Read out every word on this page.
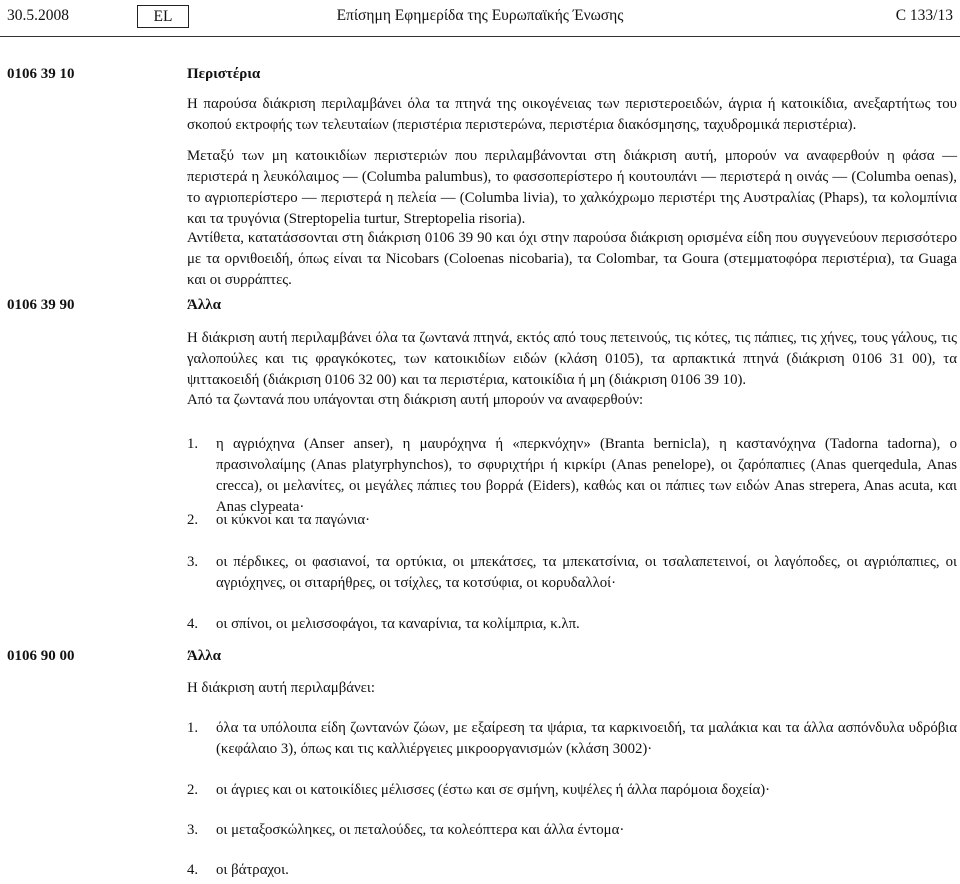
30.5.2008	EL	Επίσημη Εφημερίδα της Ευρωπαϊκής Ένωσης	C 133/13
0106 39 10	Περιστέρια

Η παρούσα διάκριση περιλαμβάνει όλα τα πτηνά της οικογένειας των περιστεροειδών, άγρια ή κατοικίδια, ανεξαρτήτως του σκοπού εκτροφής των τελευταίων (περιστέρια περιστερώνα, περιστέρια διακόσμησης, ταχυδρομικά περιστέρια).

Μεταξύ των μη κατοικιδίων περιστεριών που περιλαμβάνονται στη διάκριση αυτή, μπορούν να αναφερθούν η φάσα — περιστερά η λευκόλαιμος — (Columba palumbus), το φασσοπερίστερο ή κουτουπάνι — περιστερά η οινάς — (Columba oenas), το αγριοπερίστερο — περιστερά η πελεία — (Columba livia), το χαλκόχρωμο περιστέρι της Αυστραλίας (Phaps), τα κολομπίνια και τα τρυγόνια (Streptopelia turtur, Streptopelia risoria).

Αντίθετα, κατατάσσονται στη διάκριση 0106 39 90 και όχι στην παρούσα διάκριση ορισμένα είδη που συγγενεύουν περισσότερο με τα ορνιθοειδή, όπως είναι τα Nicobars (Coloenas nicobaria), τα Colombar, τα Goura (στεμματοφόρα περιστέρια), τα Guaga και οι συρράπτες.

0106 39 90	Άλλα

Η διάκριση αυτή περιλαμβάνει όλα τα ζωντανά πτηνά, εκτός από τους πετεινούς, τις κότες, τις πάπιες, τις χήνες, τους γάλους, τις γαλοπούλες και τις φραγκόκοτες, των κατοικιδίων ειδών (κλάση 0105), τα αρπακτικά πτηνά (διάκριση 0106 31 00), τα ψιττακοειδή (διάκριση 0106 32 00) και τα περιστέρια, κατοικίδια ή μη (διάκριση 0106 39 10).

Από τα ζωντανά που υπάγονται στη διάκριση αυτή μπορούν να αναφερθούν:

1. η αγριόχηνα (Anser anser), η μαυρόχηνα ή «περκνόχην» (Branta bernicla), η καστανόχηνα (Tadorna tadorna), ο πρασινολαίμης (Anas platyrphynchos), το σφυριχτήρι ή κιρκίρι (Anas penelope), οι ζαρόπαπιες (Anas querqedula, Anas crecca), οι μελανίτες, οι μεγάλες πάπιες του βορρά (Eiders), καθώς και οι πάπιες των ειδών Anas strepera, Anas acuta, και Anas clypeata·
2. οι κύκνοι και τα παγώνια·
3. οι πέρδικες, οι φασιανοί, τα ορτύκια, οι μπεκάτσες, τα μπεκατσίνια, οι τσαλαπετεινοί, οι λαγόποδες, οι αγριόπαπιες, οι αγριόχηνες, οι σιταρήθρες, οι τσίχλες, τα κοτσύφια, οι κορυδαλλοί·
4. οι σπίνοι, οι μελισσοφάγοι, τα καναρίνια, τα κολίμπρια, κ.λπ.
0106 90 00	Άλλα

Η διάκριση αυτή περιλαμβάνει:

1. όλα τα υπόλοιπα είδη ζωντανών ζώων, με εξαίρεση τα ψάρια, τα καρκινοειδή, τα μαλάκια και τα άλλα ασπόνδυλα υδρόβια (κεφάλαιο 3), όπως και τις καλλιέργειες μικροοργανισμών (κλάση 3002)·
2. οι άγριες και οι κατοικίδιες μέλισσες (έστω και σε σμήνη, κυψέλες ή άλλα παρόμοια δοχεία)·
3. οι μεταξοσκώληκες, οι πεταλούδες, τα κολεόπτερα και άλλα έντομα·
4. οι βάτραχοι.
